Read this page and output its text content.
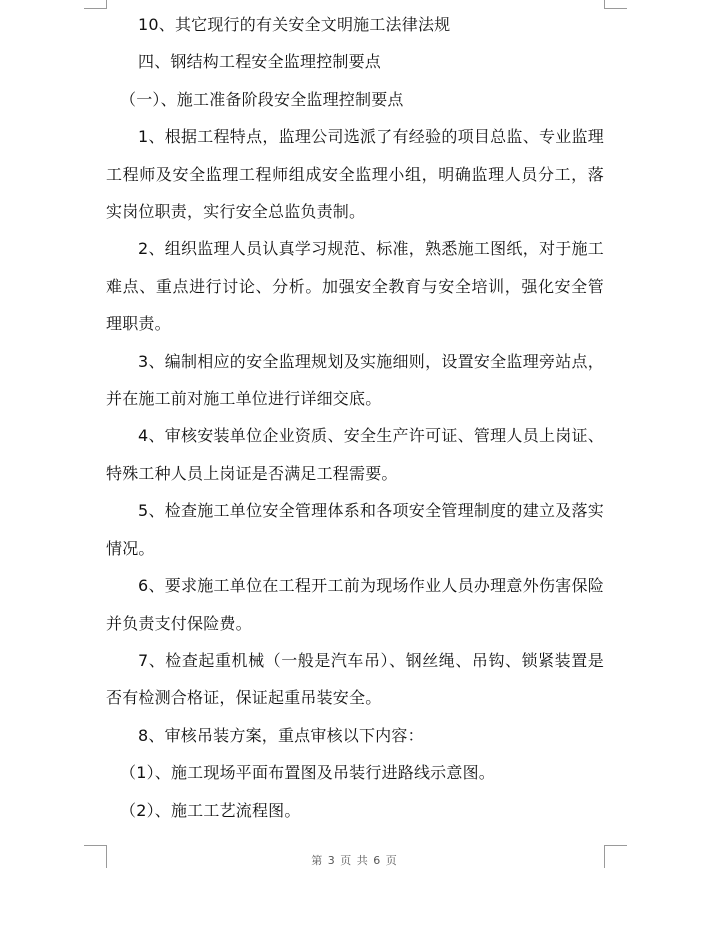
10、其它现行的有关安全文明施工法律法规

四、钢结构工程安全监理控制要点

（一）、施工准备阶段安全监理控制要点

1、根据工程特点，监理公司选派了有经验的项目总监、专业监理工程师及安全监理工程师组成安全监理小组，明确监理人员分工，落实岗位职责，实行安全总监负责制。

2、组织监理人员认真学习规范、标准，熟悉施工图纸，对于施工难点、重点进行讨论、分析。加强安全教育与安全培训，强化安全管理职责。

3、编制相应的安全监理规划及实施细则，设置安全监理旁站点，并在施工前对施工单位进行详细交底。

4、审核安装单位企业资质、安全生产许可证、管理人员上岗证、特殊工种人员上岗证是否满足工程需要。

5、检查施工单位安全管理体系和各项安全管理制度的建立及落实情况。

6、要求施工单位在工程开工前为现场作业人员办理意外伤害保险并负责支付保险费。

7、检查起重机械（一般是汽车吊）、钢丝绳、吊钩、锁紧装置是否有检测合格证，保证起重吊装安全。

8、审核吊装方案，重点审核以下内容：

（1）、施工现场平面布置图及吊装行进路线示意图。

（2）、施工工艺流程图。

第 3 页 共 6 页
